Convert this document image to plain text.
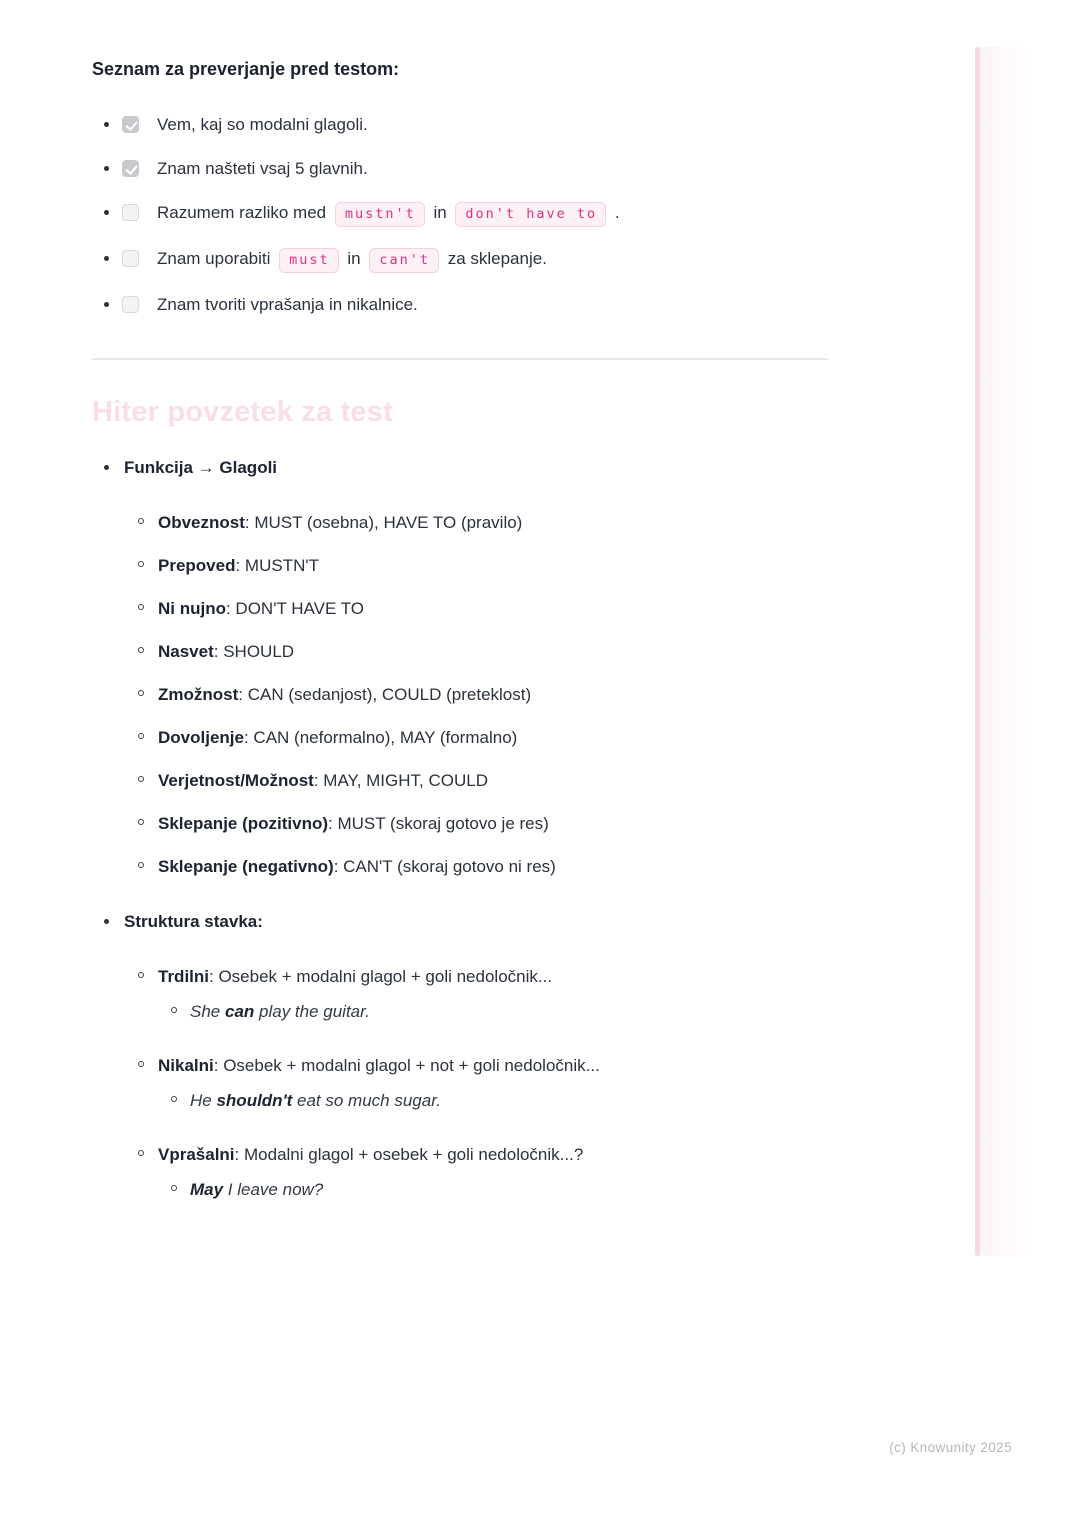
Seznam za preverjanje pred testom:
Vem, kaj so modalni glagoli.
Znam našteti vsaj 5 glavnih.
Razumem razliko med mustn't in don't have to .
Znam uporabiti must in can't za sklepanje.
Znam tvoriti vprašanja in nikalnice.
Hiter povzetek za test
Funkcija → Glagoli
Obveznost: MUST (osebna), HAVE TO (pravilo)
Prepoved: MUSTN'T
Ni nujno: DON'T HAVE TO
Nasvet: SHOULD
Zmožnost: CAN (sedanjost), COULD (preteklost)
Dovoljenje: CAN (neformalno), MAY (formalno)
Verjetnost/Možnost: MAY, MIGHT, COULD
Sklepanje (pozitivno): MUST (skoraj gotovo je res)
Sklepanje (negativno): CAN'T (skoraj gotovo ni res)
Struktura stavka:
Trdilni: Osebek + modalni glagol + goli nedoločnik...
She can play the guitar.
Nikalni: Osebek + modalni glagol + not + goli nedoločnik...
He shouldn't eat so much sugar.
Vprašalni: Modalni glagol + osebek + goli nedoločnik...?
May I leave now?
(c) Knowunity 2025
